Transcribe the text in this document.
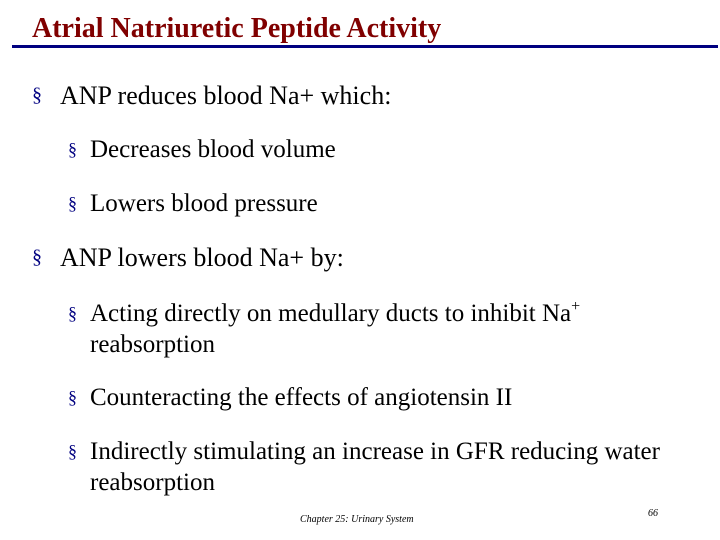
Atrial Natriuretic Peptide Activity
§ ANP reduces blood Na+ which:
§ Decreases blood volume
§ Lowers blood pressure
§ ANP lowers blood Na+ by:
§ Acting directly on medullary ducts to inhibit Na+
reabsorption
§ Counteracting the effects of angiotensin II
§ Indirectly stimulating an increase in GFR reducing water reabsorption
Chapter 25: Urinary System
66
